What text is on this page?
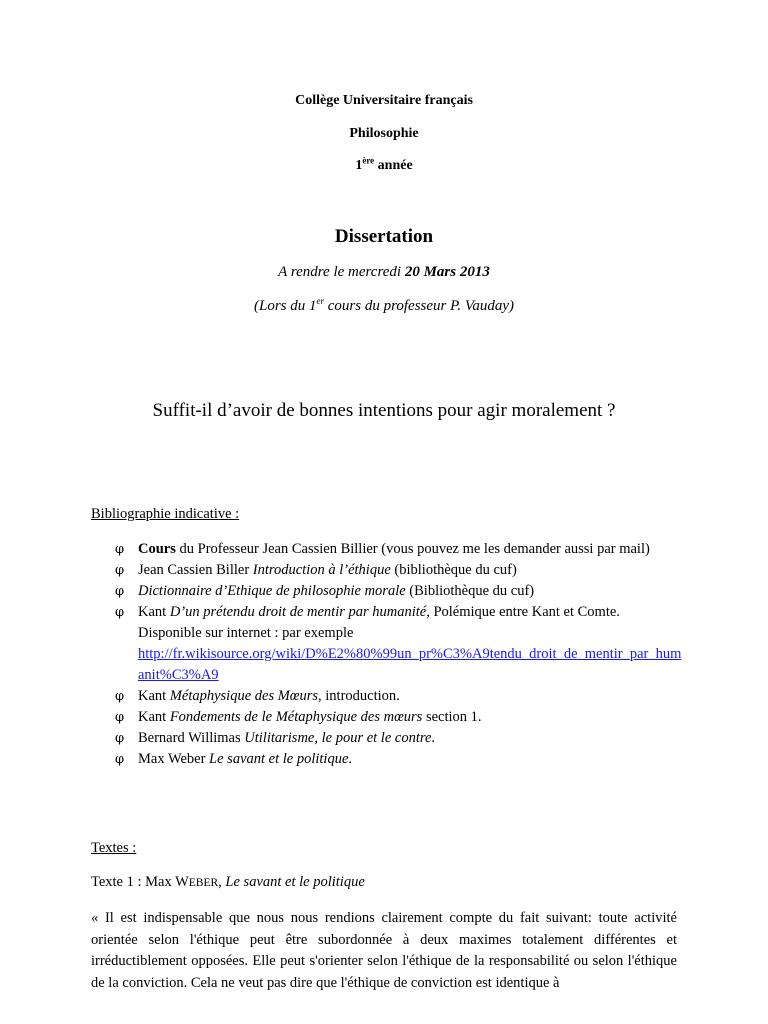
Collège Universitaire français
Philosophie
1ère année
Dissertation
A rendre le mercredi 20 Mars 2013
(Lors du 1er cours du professeur P. Vauday)
Suffit-il d’avoir de bonnes intentions pour agir moralement ?
Bibliographie indicative :
φ Cours du Professeur Jean Cassien Billier (vous pouvez me les demander aussi par mail)
φ Jean Cassien Biller Introduction à l’éthique (bibliothèque du cuf)
φ Dictionnaire d’Ethique de philosophie morale (Bibliothèque du cuf)
φ Kant D’un prétendu droit de mentir par humanité, Polémique entre Kant et Comte. Disponible sur internet : par exemple
http://fr.wikisource.org/wiki/D%E2%80%99un_pr%C3%A9tendu_droit_de_mentir_par_humanit%C3%A9
φ Kant Métaphysique des Mœurs, introduction.
φ Kant Fondements de le Métaphysique des mœurs section 1.
φ Bernard Willimas Utilitarisme, le pour et le contre.
φ Max Weber Le savant et le politique.
Textes :
Texte 1 : Max WEBER, Le savant et le politique
« Il est indispensable que nous nous rendions clairement compte du fait suivant: toute activité orientée selon l'éthique peut être subordonnée à deux maximes totalement différentes et irréductiblement opposées. Elle peut s'orienter selon l'éthique de la responsabilité ou selon l'éthique de la conviction. Cela ne veut pas dire que l'éthique de conviction est identique à
